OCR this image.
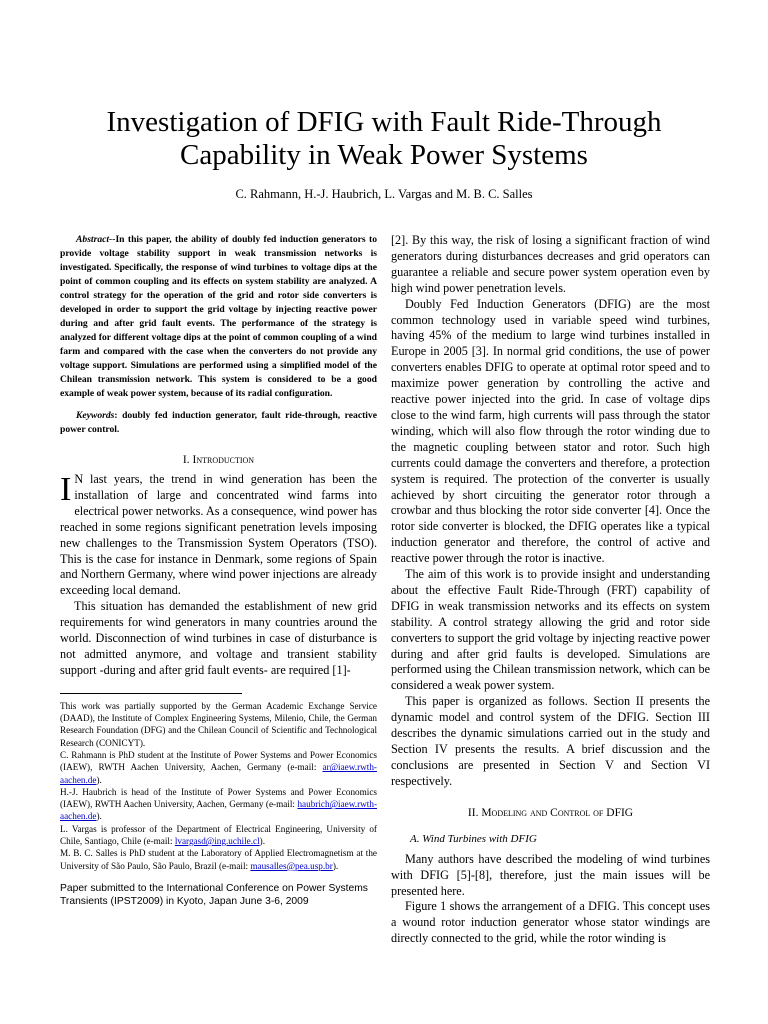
Investigation of DFIG with Fault Ride-Through
Capability in Weak Power Systems
C. Rahmann, H.-J. Haubrich, L. Vargas and M. B. C. Salles

Abstract--In this paper, the ability of doubly fed induction generators to provide voltage stability support in weak transmission networks is investigated. Specifically, the response of wind turbines to voltage dips at the point of common coupling and its effects on system stability are analyzed. A control strategy for the operation of the grid and rotor side converters is developed in order to support the grid voltage by injecting reactive power during and after grid fault events. The performance of the strategy is analyzed for different voltage dips at the point of common coupling of a wind farm and compared with the case when the converters do not provide any voltage support. Simulations are performed using a simplified model of the Chilean transmission network. This system is considered to be a good example of weak power system, because of its radial configuration.

Keywords: doubly fed induction generator, fault ride-through, reactive power control.

I. Introduction

I N last years, the trend in wind generation has been the installation of large and concentrated wind farms into electrical power networks. As a consequence, wind power has reached in some regions significant penetration levels imposing new challenges to the Transmission System Operators (TSO). This is the case for instance in Denmark, some regions of Spain and Northern Germany, where wind power injections are already exceeding local demand.

This situation has demanded the establishment of new grid requirements for wind generators in many countries around the world. Disconnection of wind turbines in case of disturbance is not admitted anymore, and voltage and transient stability support -during and after grid fault events- are required [1]-

This work was partially supported by the German Academic Exchange Service (DAAD), the Institute of Complex Engineering Systems, Milenio, Chile, the German Research Foundation (DFG) and the Chilean Council of Scientific and Technological Research (CONICYT).

C. Rahmann is PhD student at the Institute of Power Systems and Power Economics (IAEW), RWTH Aachen University, Aachen, Germany (e-mail: ar@iaew.rwth-aachen.de).

H.-J. Haubrich is head of the Institute of Power Systems and Power Economics (IAEW), RWTH Aachen University, Aachen, Germany (e-mail: haubrich@iaew.rwth-aachen.de).

L. Vargas is professor of the Department of Electrical Engineering, University of Chile, Santiago, Chile (e-mail: lvargasd@ing.uchile.cl).

M. B. C. Salles is PhD student at the Laboratory of Applied Electromagnetism at the University of São Paulo, São Paulo, Brazil (e-mail: mausalles@pea.usp.br).

Paper submitted to the International Conference on Power Systems Transients (IPST2009) in Kyoto, Japan June 3-6, 2009

[2]. By this way, the risk of losing a significant fraction of wind generators during disturbances decreases and grid operators can guarantee a reliable and secure power system operation even by high wind power penetration levels.

Doubly Fed Induction Generators (DFIG) are the most common technology used in variable speed wind turbines, having 45% of the medium to large wind turbines installed in Europe in 2005 [3]. In normal grid conditions, the use of power converters enables DFIG to operate at optimal rotor speed and to maximize power generation by controlling the active and reactive power injected into the grid. In case of voltage dips close to the wind farm, high currents will pass through the stator winding, which will also flow through the rotor winding due to the magnetic coupling between stator and rotor. Such high currents could damage the converters and therefore, a protection system is required. The protection of the converter is usually achieved by short circuiting the generator rotor through a crowbar and thus blocking the rotor side converter [4]. Once the rotor side converter is blocked, the DFIG operates like a typical induction generator and therefore, the control of active and reactive power through the rotor is inactive.

The aim of this work is to provide insight and understanding about the effective Fault Ride-Through (FRT) capability of DFIG in weak transmission networks and its effects on system stability. A control strategy allowing the grid and rotor side converters to support the grid voltage by injecting reactive power during and after grid faults is developed. Simulations are performed using the Chilean transmission network, which can be considered a weak power system.

This paper is organized as follows. Section II presents the dynamic model and control system of the DFIG. Section III describes the dynamic simulations carried out in the study and Section IV presents the results. A brief discussion and the conclusions are presented in Section V and Section VI respectively.

II. Modeling and Control of DFIG
A. Wind Turbines with DFIG

Many authors have described the modeling of wind turbines with DFIG [5]-[8], therefore, just the main issues will be presented here.

Figure 1 shows the arrangement of a DFIG. This concept uses a wound rotor induction generator whose stator windings are directly connected to the grid, while the rotor winding is
